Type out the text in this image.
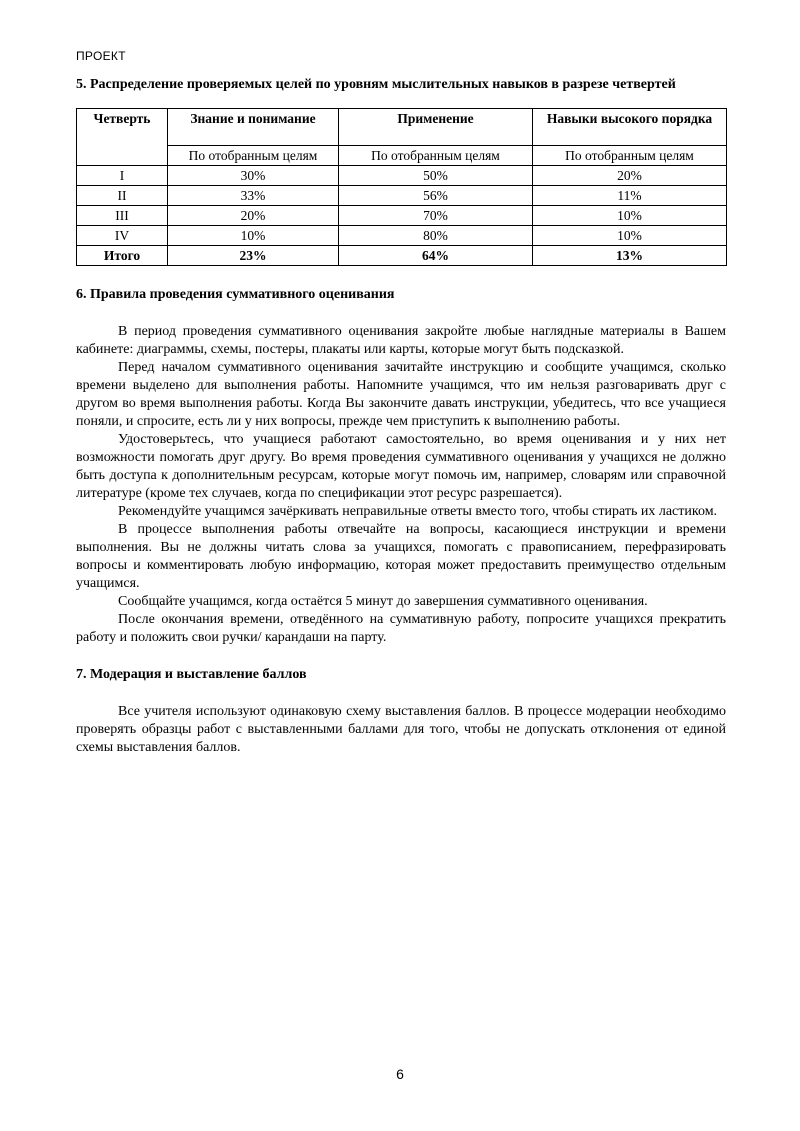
ПРОЕКТ
5. Распределение проверяемых целей по уровням мыслительных навыков в разрезе четвертей
Четверть	Знание и понимание	Применение	Навыки высокого порядка
	По отобранным целям	По отобранным целям	По отобранным целям
I	30%	50%	20%
II	33%	56%	11%
III	20%	70%	10%
IV	10%	80%	10%
Итого	23%	64%	13%
6. Правила проведения суммативного оценивания

В период проведения суммативного оценивания закройте любые наглядные материалы в Вашем кабинете: диаграммы, схемы, постеры, плакаты или карты, которые могут быть подсказкой.

Перед началом суммативного оценивания зачитайте инструкцию и сообщите учащимся, сколько времени выделено для выполнения работы. Напомните учащимся, что им нельзя разговаривать друг с другом во время выполнения работы. Когда Вы закончите давать инструкции, убедитесь, что все учащиеся поняли, и спросите, есть ли у них вопросы, прежде чем приступить к выполнению работы.

Удостоверьтесь, что учащиеся работают самостоятельно, во время оценивания и у них нет возможности помогать друг другу. Во время проведения суммативного оценивания у учащихся не должно быть доступа к дополнительным ресурсам, которые могут помочь им, например, словарям или справочной литературе (кроме тех случаев, когда по спецификации этот ресурс разрешается).

Рекомендуйте учащимся зачёркивать неправильные ответы вместо того, чтобы стирать их ластиком.

В процессе выполнения работы отвечайте на вопросы, касающиеся инструкции и времени выполнения. Вы не должны читать слова за учащихся, помогать с правописанием, перефразировать вопросы и комментировать любую информацию, которая может предоставить преимущество отдельным учащимся.

Сообщайте учащимся, когда остаётся 5 минут до завершения суммативного оценивания.

После окончания времени, отведённого на суммативную работу, попросите учащихся прекратить работу и положить свои ручки/ карандаши на парту.

7. Модерация и выставление баллов

Все учителя используют одинаковую схему выставления баллов. В процессе модерации необходимо проверять образцы работ с выставленными баллами для того, чтобы не допускать отклонения от единой схемы выставления баллов.

6
